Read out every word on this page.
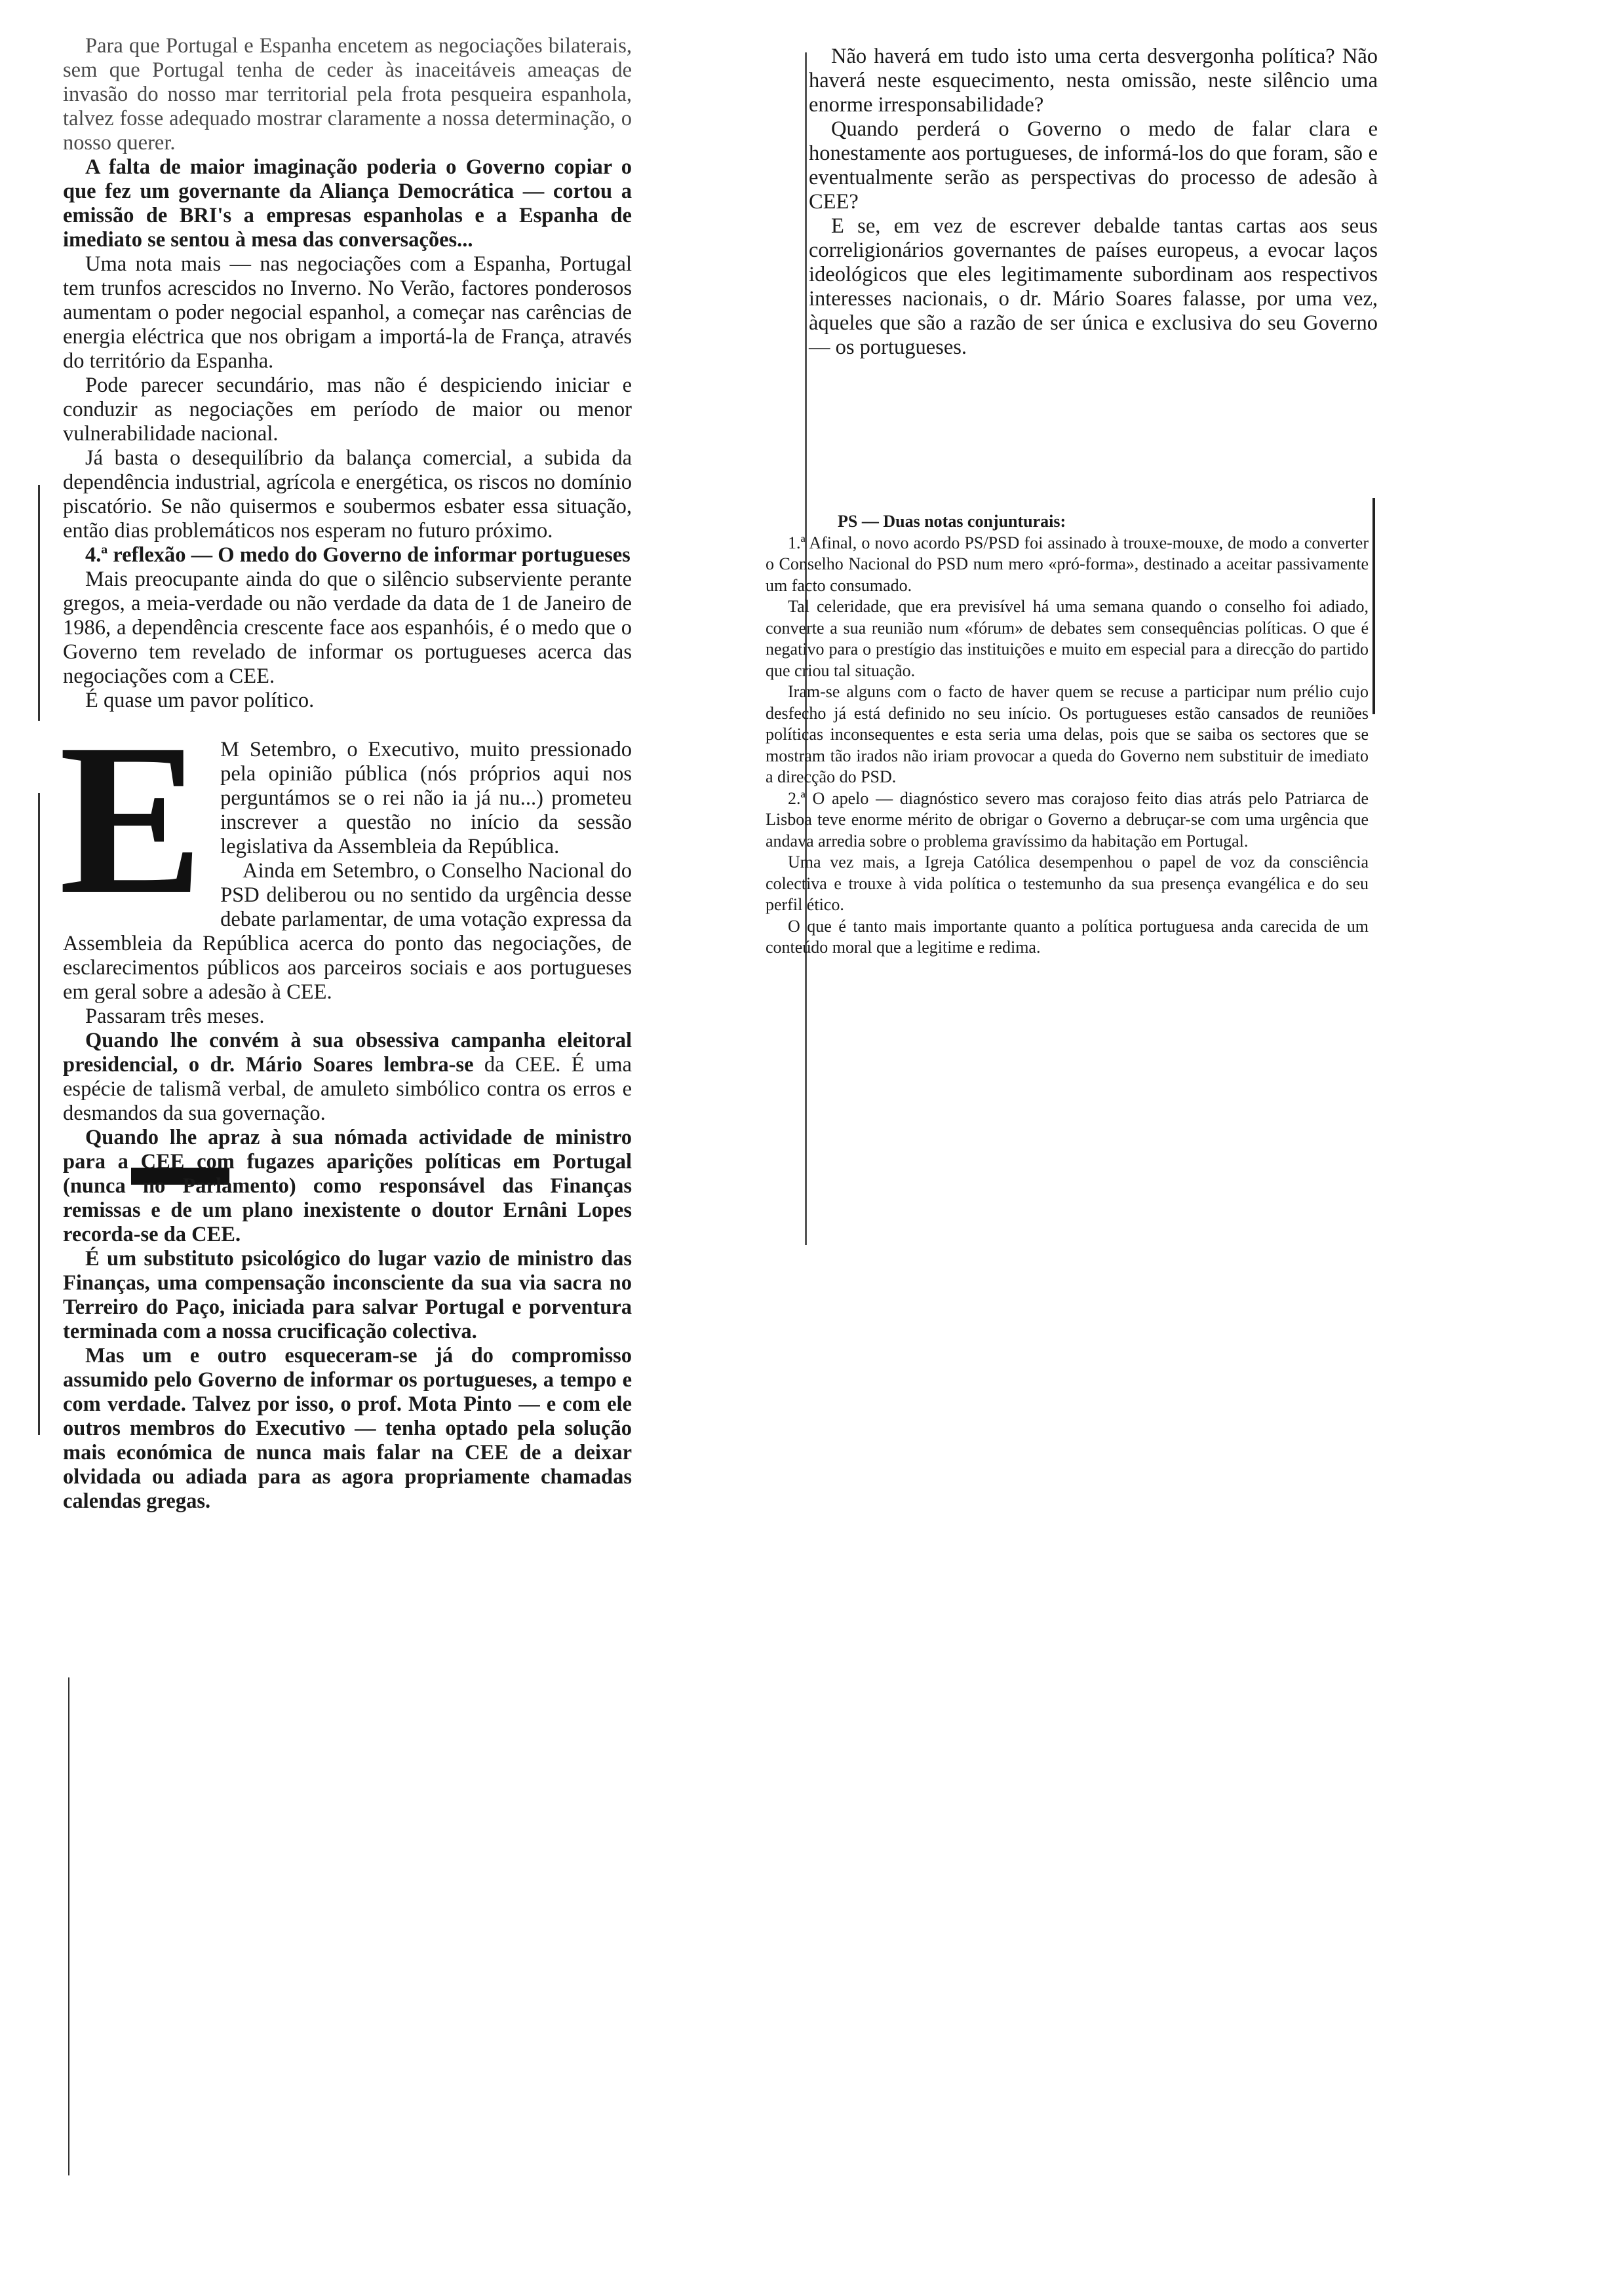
Para que Portugal e Espanha encetem as negociações bilaterais, sem que Portugal tenha de ceder às inaceitáveis ameaças de invasão do nosso mar territorial pela frota pesqueira espanhola, talvez fosse adequado mostrar claramente a nossa determinação, o nosso querer.

A falta de maior imaginação poderia o Governo copiar o que fez um governante da Aliança Democrática — cortou a emissão de BRI's a empresas espanholas e a Espanha de imediato se sentou à mesa das conversações...

Uma nota mais — nas negociações com a Espanha, Portugal tem trunfos acrescidos no Inverno. No Verão, factores ponderosos aumentam o poder negocial espanhol, a começar nas carências de energia eléctrica que nos obrigam a importá-la de França, através do território da Espanha.

Pode parecer secundário, mas não é despiciendo iniciar e conduzir as negociações em período de maior ou menor vulnerabilidade nacional.

Já basta o desequilíbrio da balança comercial, a subida da dependência industrial, agrícola e energética, os riscos no domínio piscatório. Se não quisermos e soubermos esbater essa situação, então dias problemáticos nos esperam no futuro próximo.

4.ª reflexão — O medo do Governo de informar portugueses

Mais preocupante ainda do que o silêncio subserviente perante gregos, a meia-verdade ou não verdade da data de 1 de Janeiro de 1986, a dependência crescente face aos espanhóis, é o medo que o Governo tem revelado de informar os portugueses acerca das negociações com a CEE.

É quase um pavor político.

E M Setembro, o Executivo, muito pressionado pela opinião pública (nós próprios aqui nos perguntámos se o rei não ia já nu...) prometeu inscrever a questão no início da sessão legislativa da Assembleia da República.

Ainda em Setembro, o Conselho Nacional do PSD deliberou ou no sentido da urgência desse debate parlamentar, de uma votação expressa da Assembleia da República acerca do ponto das negociações, de esclarecimentos públicos aos parceiros sociais e aos portugueses em geral sobre a adesão à CEE.

Passaram três meses.

Quando lhe convém à sua obsessiva campanha eleitoral presidencial, o dr. Mário Soares lembra-se da CEE. É uma espécie de talismã verbal, de amuleto simbólico contra os erros e desmandos da sua governação.

Quando lhe apraz à sua nómada actividade de ministro para a CEE com fugazes aparições políticas em Portugal (nunca no Parlamento) como responsável das Finanças remissas e de um plano inexistente o doutor Ernâni Lopes recorda-se da CEE.

É um substituto psicológico do lugar vazio de ministro das Finanças, uma compensação inconsciente da sua via sacra no Terreiro do Paço, iniciada para salvar Portugal e porventura terminada com a nossa crucificação colectiva.

Mas um e outro esqueceram-se já do compromisso assumido pelo Governo de informar os portugueses, a tempo e com verdade. Talvez por isso, o prof. Mota Pinto — e com ele outros membros do Executivo — tenha optado pela solução mais económica de nunca mais falar na CEE de a deixar olvidada ou adiada para as agora propriamente chamadas calendas gregas.

Não haverá em tudo isto uma certa desvergonha política? Não haverá neste esquecimento, nesta omissão, neste silêncio uma enorme irresponsabilidade?

Quando perderá o Governo o medo de falar clara e honestamente aos portugueses, de informá-los do que foram, são e eventualmente serão as perspectivas do processo de adesão à CEE?

E se, em vez de escrever debalde tantas cartas aos seus correligionários governantes de países europeus, a evocar laços ideológicos que eles legitimamente subordinam aos respectivos interesses nacionais, o dr. Mário Soares falasse, por uma vez, àqueles que são a razão de ser única e exclusiva do seu Governo — os portugueses.

PS — Duas notas conjunturais:

1.ª Afinal, o novo acordo PS/PSD foi assinado à trouxe-mouxe, de modo a converter o Conselho Nacional do PSD num mero «pró-forma», destinado a aceitar passivamente um facto consumado.

Tal celeridade, que era previsível há uma semana quando o conselho foi adiado, converte a sua reunião num «fórum» de debates sem consequências políticas. O que é negativo para o prestígio das instituições e muito em especial para a direcção do partido que criou tal situação.

Iram-se alguns com o facto de haver quem se recuse a participar num prélio cujo desfecho já está definido no seu início. Os portugueses estão cansados de reuniões políticas inconsequentes e esta seria uma delas, pois que se saiba os sectores que se mostram tão irados não iriam provocar a queda do Governo nem substituir de imediato a direcção do PSD.

2.ª O apelo — diagnóstico severo mas corajoso feito dias atrás pelo Patriarca de Lisboa teve enorme mérito de obrigar o Governo a debruçar-se com uma urgência que andava arredia sobre o problema gravíssimo da habitação em Portugal.

Uma vez mais, a Igreja Católica desempenhou o papel de voz da consciência colectiva e trouxe à vida política o testemunho da sua presença evangélica e do seu perfil ético.

O que é tanto mais importante quanto a política portuguesa anda carecida de um conteúdo moral que a legitime e redima.
